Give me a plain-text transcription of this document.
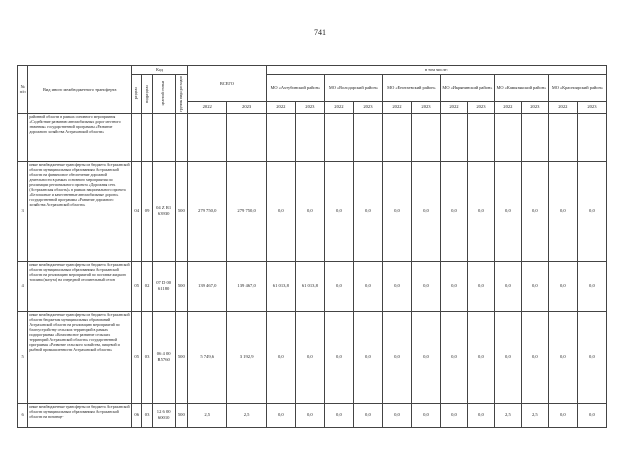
741
№ п/п	Вид иного межбюджетного трансферта	Код				ВСЕГО		в том числе:											

		раздела	подраздела	целевой статьи	группы вида расходов			МО «Ахтубинский район»		МО «Володарский район»		МО «Енотаевский район»		МО «Икрянинский район»		МО «Камызякский район»		МО «Красноярский район»	
						2022	2023	2022	2023	2022	2023	2022	2023	2022	2023	2022	2023	2022	2023
	районной области в рамках основного мероприятия «Содействие развитию автомобильных дорог местного значения» государственной программы «Развитие дорожного хозяйства Астраханской области»																		
3	иные межбюджетные трансферты из бюджета Астраханской области муниципальным образованиям Астраханской области на финансовое обеспечение дорожной деятельности в рамках основного мероприятия по реализации регионального проекта «Дорожная сеть (Астраханская область)» в рамках национального проекта «Безопасные и качественные автомобильные дороги» государственной программы «Развитие дорожного хозяйства Астраханской области»	04	09	04 Z R1 63930	500	279 750,0	279 750,0	0,0	0,0	0,0	0,0	0,0	0,0	0,0	0,0	0,0	0,0	0,0	0,0
4	иные межбюджетные трансферты из бюджета Астраханской области муниципальным образованиям Астраханской области на реализацию мероприятий по поставке жидкого топлива (мазута) на очередной отопительный сезон	05	02	07 D 00 61180	500	139 467,0	139 467,0	61 013,8	61 013,8	0,0	0,0	0,0	0,0	0,0	0,0	0,0	0,0	0,0	0,0
5	иные межбюджетные трансферты из бюджета Астраханской области бюджетам муниципальных образований Астраханской области на реализацию мероприятий по благоустройству сельских территорий в рамках подпрограммы «Комплексное развитие сельских территорий Астраханской области» государственной программы «Развитие сельского хозяйства, пищевой и рыбной промышленности Астраханской области»	05	03	06 4 00 R5760	500	5 749,6	3 192,9	0,0	0,0	0,0	0,0	0,0	0,0	0,0	0,0	0,0	0,0	0,0	0,0
6	иные межбюджетные трансферты из бюджета Астраханской области муниципальным образованиям Астраханской области на возмеще-	06	03	12 6 00 60010	500	2,5	2,5	0,0	0,0	0,0	0,0	0,0	0,0	0,0	0,0	2,5	2,5	0,0	0,0
